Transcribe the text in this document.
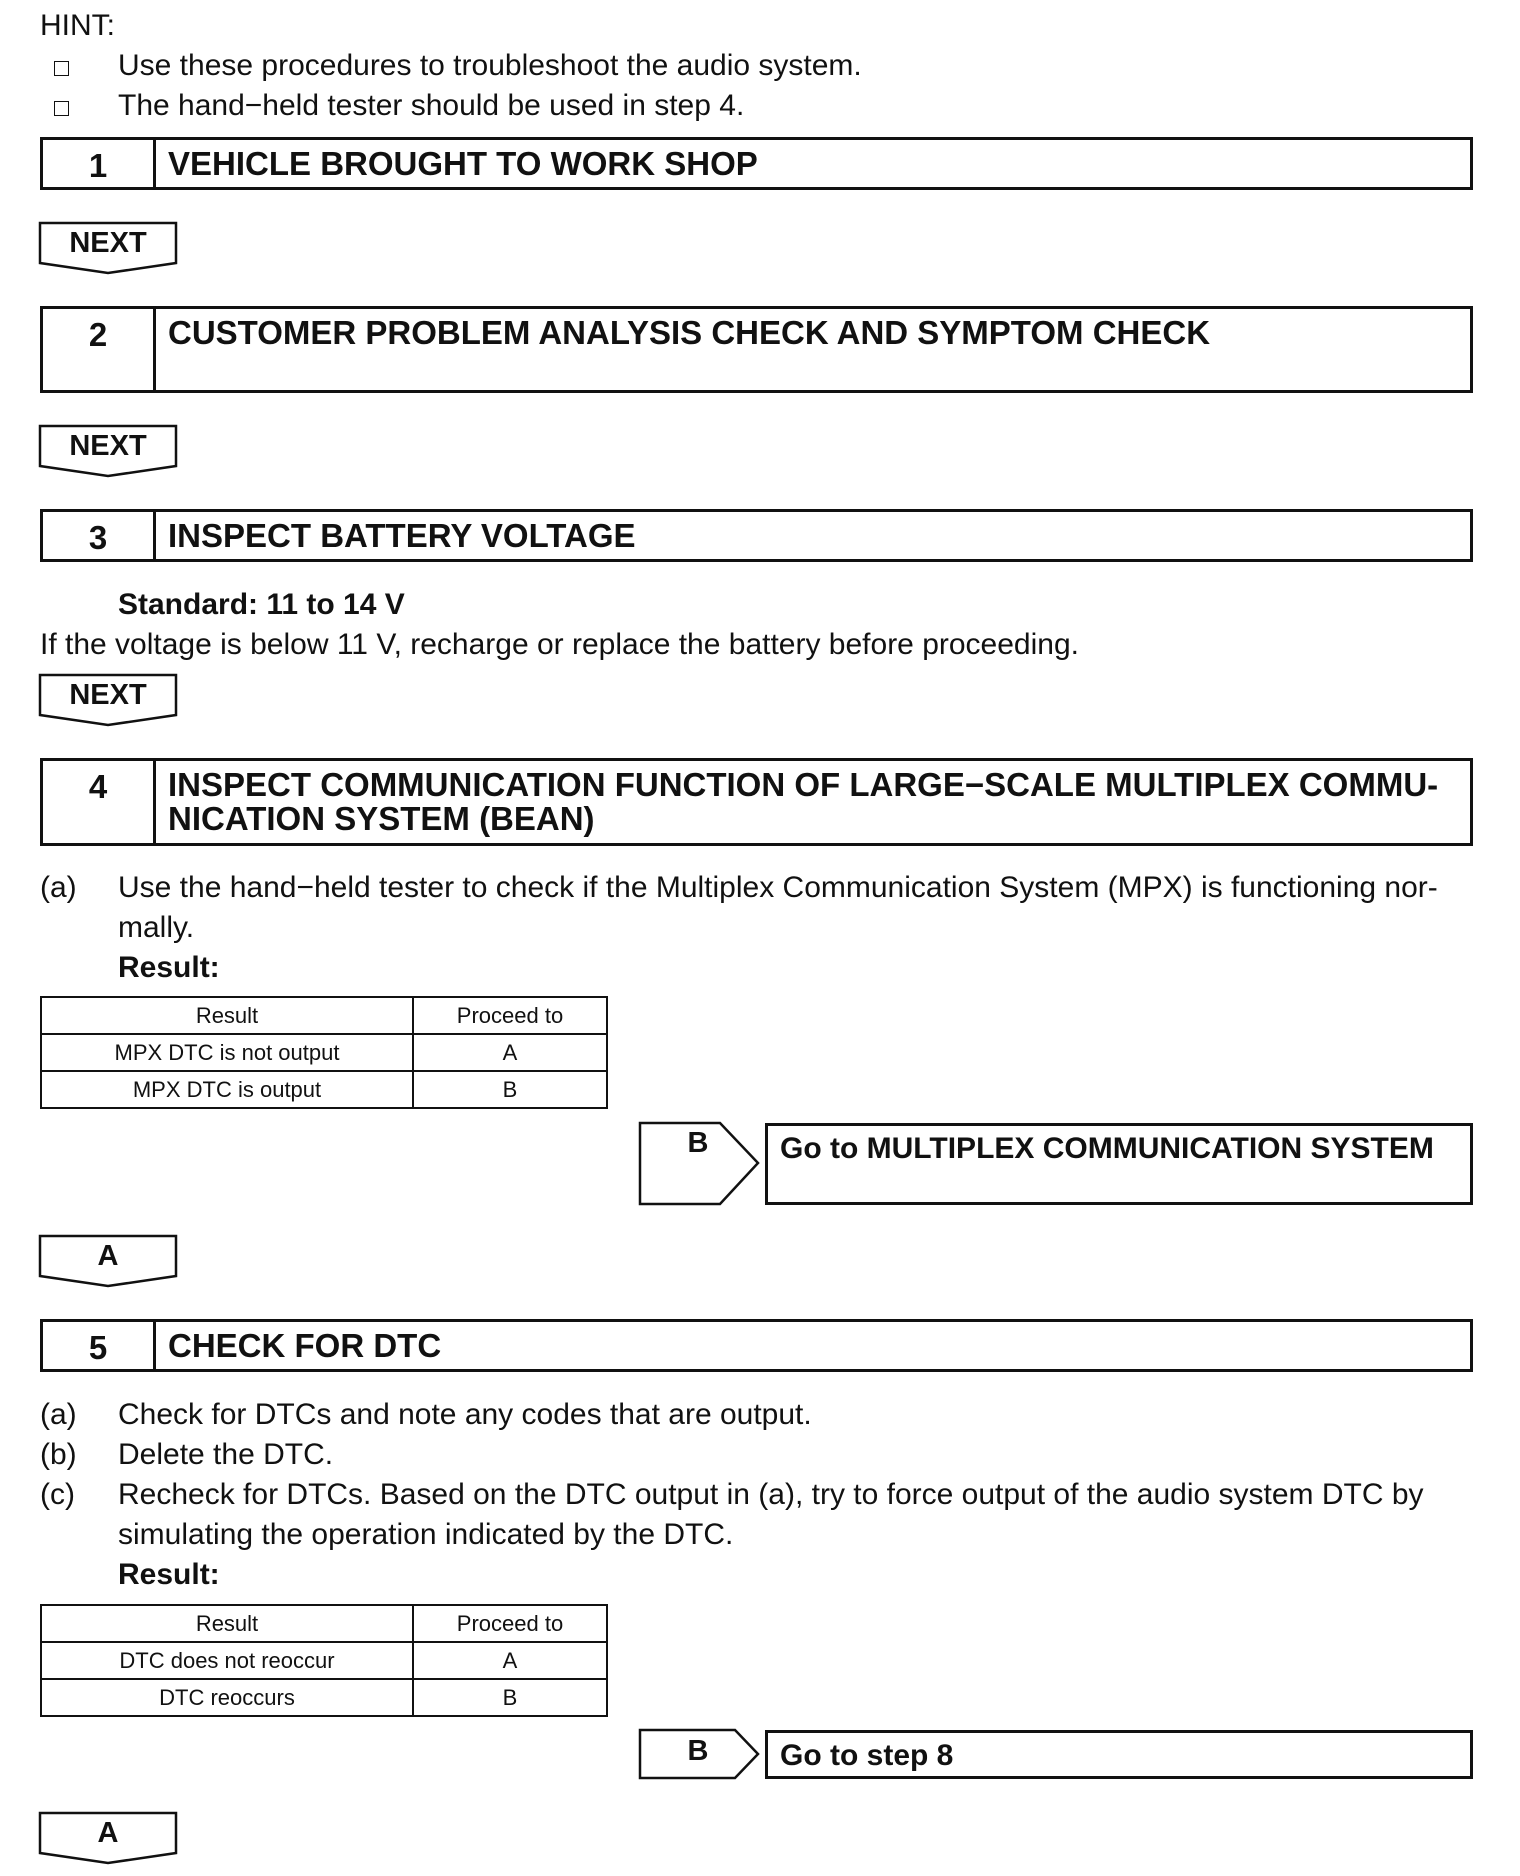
HINT:
Use these procedures to troubleshoot the audio system.
The hand−held tester should be used in step 4.
1	VEHICLE BROUGHT TO WORK SHOP
NEXT
2	CUSTOMER PROBLEM ANALYSIS CHECK AND SYMPTOM CHECK
NEXT
3	INSPECT BATTERY VOLTAGE
Standard: 11 to 14 V
If the voltage is below 11 V, recharge or replace the battery before proceeding.
NEXT
4	INSPECT COMMUNICATION FUNCTION OF LARGE−SCALE MULTIPLEX COMMU-
NICATION SYSTEM (BEAN)
(a) Use the hand−held tester to check if the Multiplex Communication System (MPX) is functioning nor-
mally.
Result:
Result	Proceed to
MPX DTC is not output	A
MPX DTC is output	B
B	Go to MULTIPLEX COMMUNICATION SYSTEM
A
5	CHECK FOR DTC
(a) Check for DTCs and note any codes that are output.
(b) Delete the DTC.
(c) Recheck for DTCs. Based on the DTC output in (a), try to force output of the audio system DTC by
simulating the operation indicated by the DTC.
Result:
Result	Proceed to
DTC does not reoccur	A
DTC reoccurs	B
B	Go to step 8
A
